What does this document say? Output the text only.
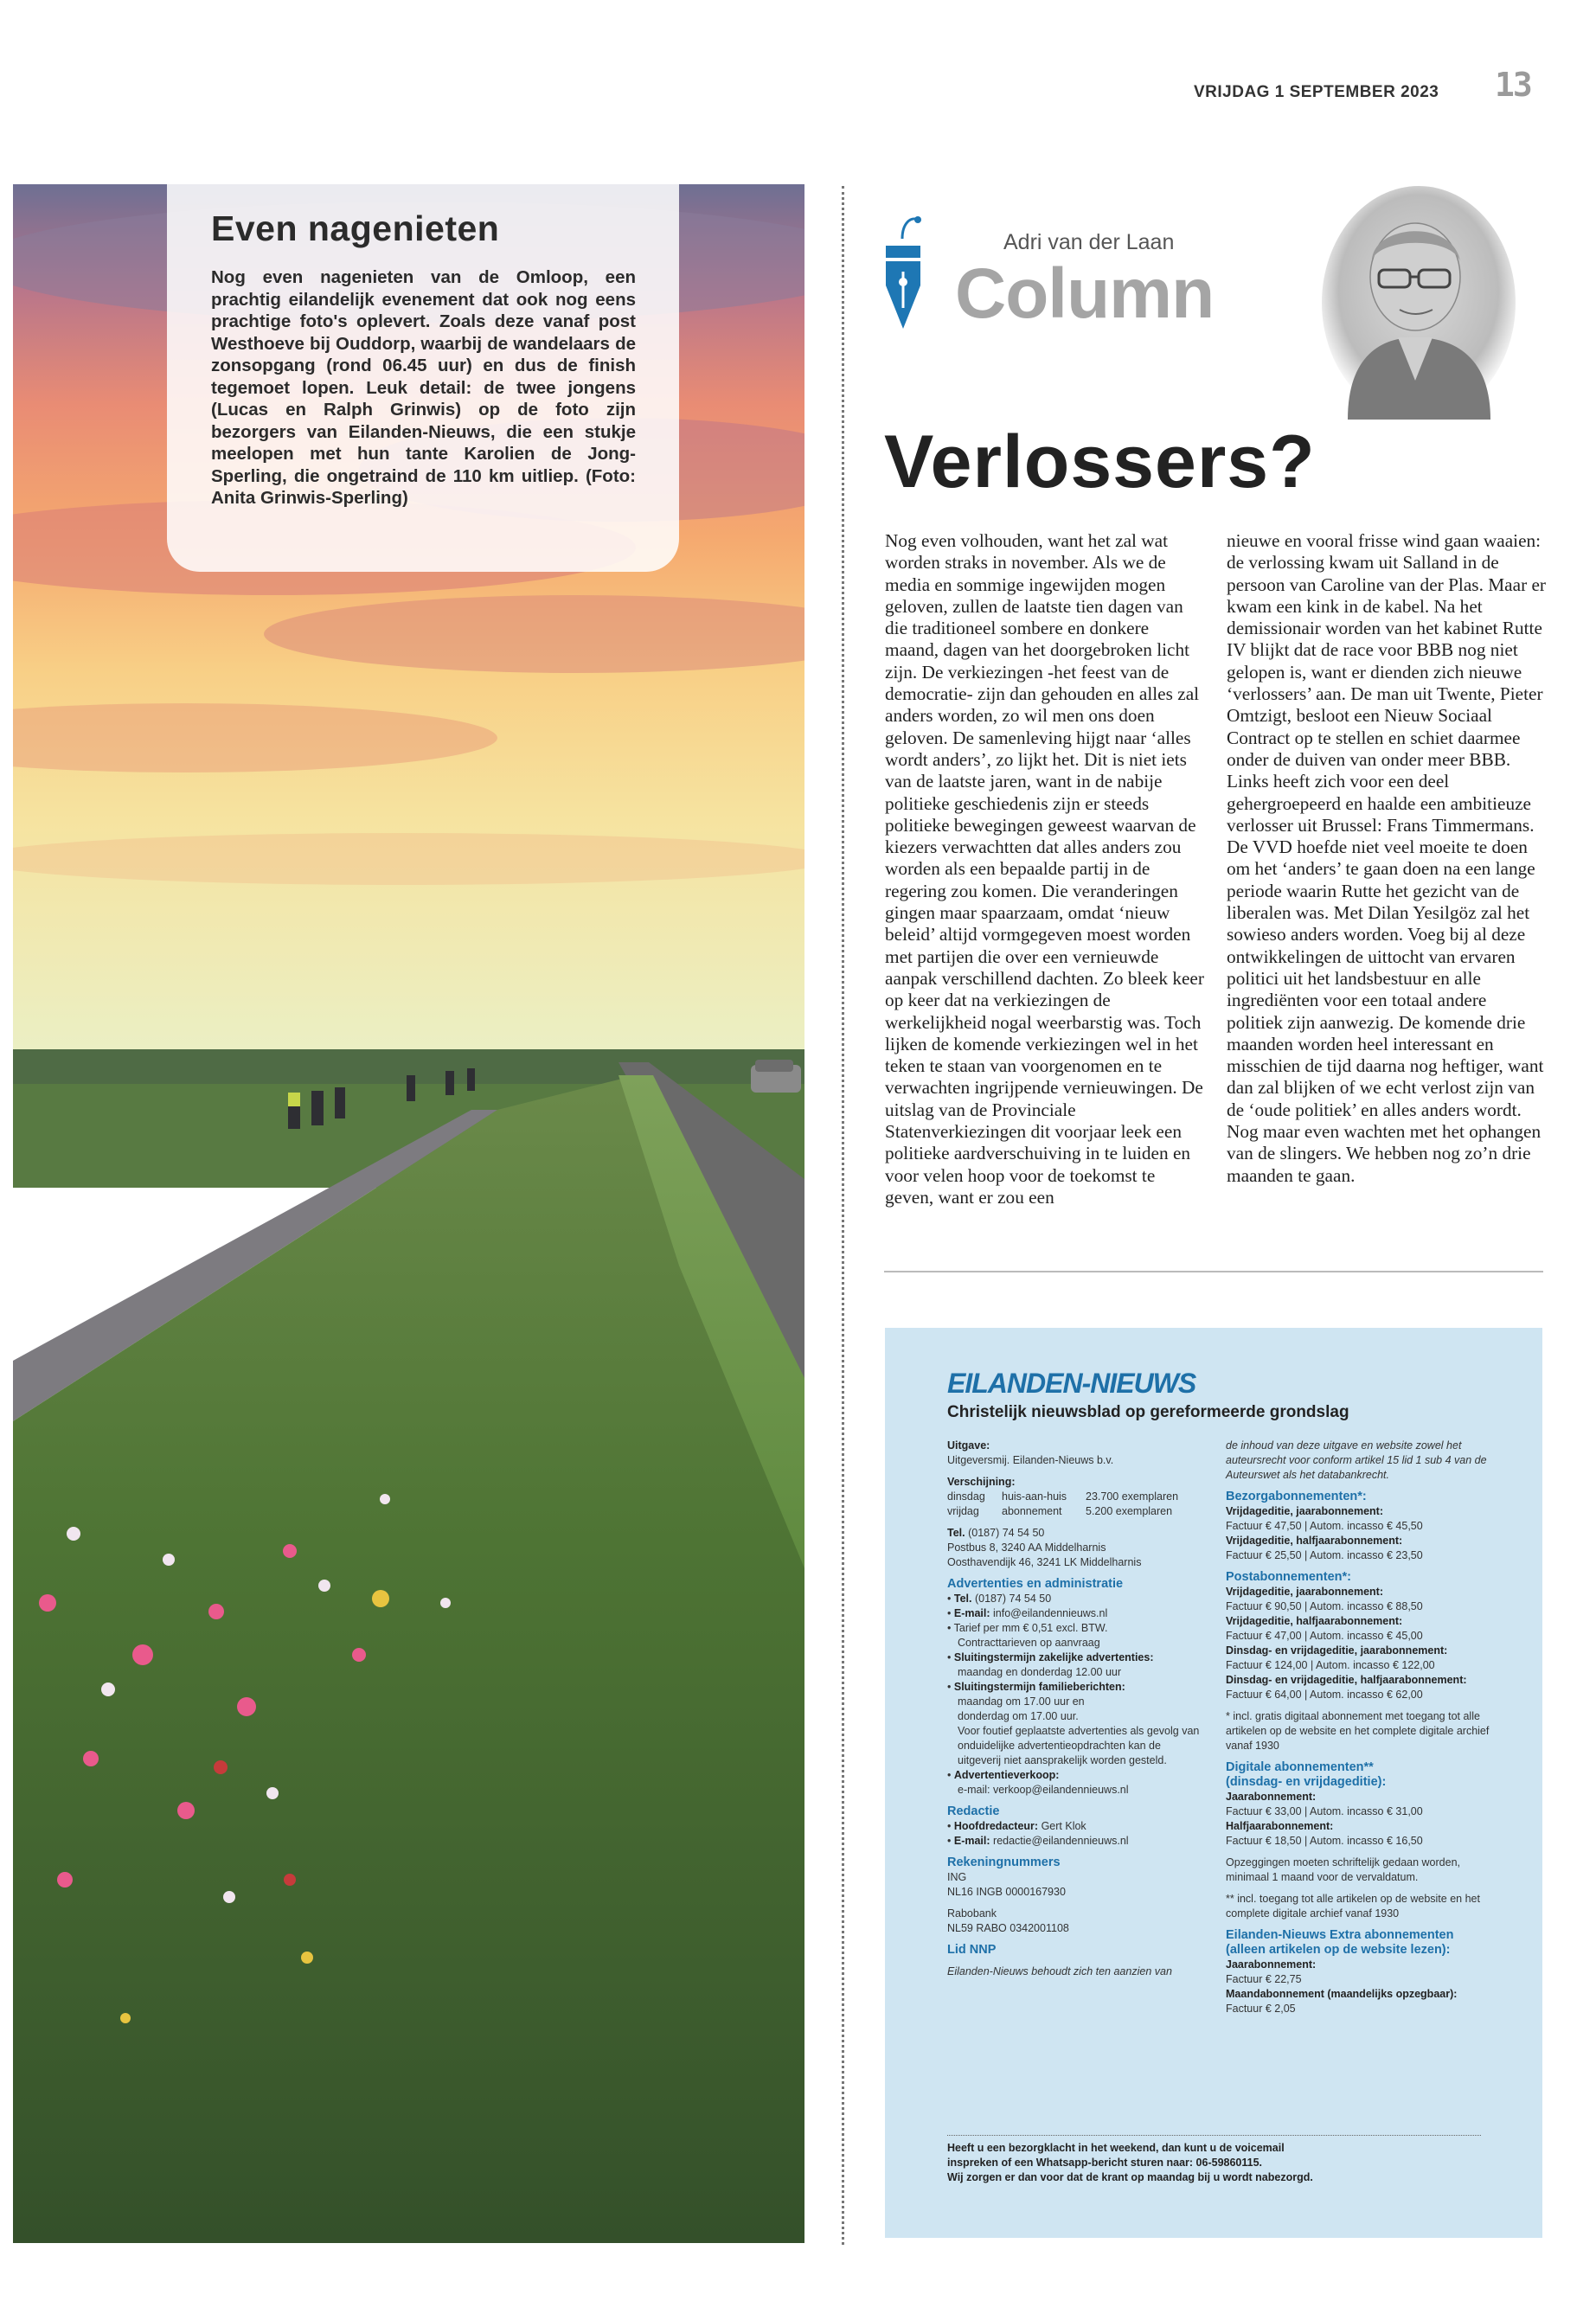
VRIJDAG 1 SEPTEMBER 2023 13
Even nagenieten
Nog even nagenieten van de Omloop, een prachtig eilandelijk evenement dat ook nog eens prachtige foto's oplevert. Zoals deze vanaf post Westhoeve bij Ouddorp, waarbij de wandelaars de zonsopgang (rond 06.45 uur) en dus de finish tegemoet lopen. Leuk detail: de twee jongens (Lucas en Ralph Grinwis) op de foto zijn bezorgers van Eilanden-Nieuws, die een stukje meelopen met hun tante Karolien de Jong-Sperling, die ongetraind de 110 km uitliep. (Foto: Anita Grinwis-Sperling)
Adri van der Laan
Column
Verlossers?

Nog even volhouden, want het zal wat worden straks in november. Als we de media en sommige ingewijden mogen geloven, zullen de laatste tien dagen van die traditioneel sombere en donkere maand, dagen van het doorgebroken licht zijn. De verkiezingen -het feest van de democratie- zijn dan gehouden en alles zal anders worden, zo wil men ons doen geloven. De samenleving hijgt naar ‘alles wordt anders’, zo lijkt het. Dit is niet iets van de laatste jaren, want in de nabije politieke geschiedenis zijn er steeds politieke bewegingen geweest waarvan de kiezers verwachtten dat alles anders zou worden als een bepaalde partij in de regering zou komen. Die veranderingen gingen maar spaarzaam, omdat ‘nieuw beleid’ altijd vormgegeven moest worden met partijen die over een vernieuwde aanpak verschillend dachten. Zo bleek keer op keer dat na verkiezingen de werkelijkheid nogal weerbarstig was. Toch lijken de komende verkiezingen wel in het teken te staan van voorgenomen en te verwachten ingrijpende vernieuwingen. De uitslag van de Provinciale Statenverkiezingen dit voorjaar leek een politieke aardverschuiving in te luiden en voor velen hoop voor de toekomst te geven, want er zou een

nieuwe en vooral frisse wind gaan waaien: de verlossing kwam uit Salland in de persoon van Caroline van der Plas. Maar er kwam een kink in de kabel. Na het demissionair worden van het kabinet Rutte IV blijkt dat de race voor BBB nog niet gelopen is, want er dienden zich nieuwe ‘verlossers’ aan. De man uit Twente, Pieter Omtzigt, besloot een Nieuw Sociaal Contract op te stellen en schiet daarmee onder de duiven van onder meer BBB. Links heeft zich voor een deel gehergroepeerd en haalde een ambitieuze verlosser uit Brussel: Frans Timmermans. De VVD hoefde niet veel moeite te doen om het ‘anders’ te gaan doen na een lange periode waarin Rutte het gezicht van de liberalen was. Met Dilan Yesilgöz zal het sowieso anders worden. Voeg bij al deze ontwikkelingen de uittocht van ervaren politici uit het landsbestuur en alle ingrediënten voor een totaal andere politiek zijn aanwezig. De komende drie maanden worden heel interessant en misschien de tijd daarna nog heftiger, want dan zal blijken of we echt verlost zijn van de ‘oude politiek’ en alles anders wordt. Nog maar even wachten met het ophangen van de slingers. We hebben nog zo’n drie maanden te gaan.

EILANDEN-NIEUWS
Christelijk nieuwsblad op gereformeerde grondslag

Uitgave:

Uitgeversmij. Eilanden-Nieuws b.v.

Verschijning:

dinsdag huis-aan-huis 23.700 exemplaren

vrijdag abonnement 5.200 exemplaren

Tel. (0187) 74 54 50

Postbus 8, 3240 AA Middelharnis

Oosthavendijk 46, 3241 LK Middelharnis

Advertenties en administratie

• Tel. (0187) 74 54 50

• E-mail: info@eilandennieuws.nl

• Tarief per mm € 0,51 excl. BTW.

Contracttarieven op aanvraag

• Sluitingstermijn zakelijke advertenties:

maandag en donderdag 12.00 uur

• Sluitingstermijn familieberichten:

maandag om 17.00 uur en

donderdag om 17.00 uur.

Voor foutief geplaatste advertenties als gevolg van onduidelijke advertentieopdrachten kan de uitgeverij niet aansprakelijk worden gesteld.

• Advertentieverkoop:

e-mail: verkoop@eilandennieuws.nl

Redactie

• Hoofdredacteur: Gert Klok

• E-mail: redactie@eilandennieuws.nl

Rekeningnummers

ING

NL16 INGB 0000167930

Rabobank

NL59 RABO 0342001108

Lid NNP

Eilanden-Nieuws behoudt zich ten aanzien van

de inhoud van deze uitgave en website zowel het auteursrecht voor conform artikel 15 lid 1 sub 4 van de Auteurswet als het databankrecht.

Bezorgabonnementen*:

Vrijdageditie, jaarabonnement:

Factuur € 47,50 | Autom. incasso € 45,50

Vrijdageditie, halfjaarabonnement:

Factuur € 25,50 | Autom. incasso € 23,50

Postabonnementen*:

Vrijdageditie, jaarabonnement:

Factuur € 90,50 | Autom. incasso € 88,50

Vrijdageditie, halfjaarabonnement:

Factuur € 47,00 | Autom. incasso € 45,00

Dinsdag- en vrijdageditie, jaarabonnement:

Factuur € 124,00 | Autom. incasso € 122,00

Dinsdag- en vrijdageditie, halfjaarabonnement:

Factuur € 64,00 | Autom. incasso € 62,00

* incl. gratis digitaal abonnement met toegang tot alle artikelen op de website en het complete digitale archief vanaf 1930

Digitale abonnementen**
(dinsdag- en vrijdageditie):

Jaarabonnement:

Factuur € 33,00 | Autom. incasso € 31,00

Halfjaarabonnement:

Factuur € 18,50 | Autom. incasso € 16,50

Opzeggingen moeten schriftelijk gedaan worden, minimaal 1 maand voor de vervaldatum.

** incl. toegang tot alle artikelen op de website en het complete digitale archief vanaf 1930

Eilanden-Nieuws Extra abonnementen
(alleen artikelen op de website lezen):

Jaarabonnement:

Factuur € 22,75

Maandabonnement (maandelijks opzegbaar):

Factuur € 2,05

Heeft u een bezorgklacht in het weekend, dan kunt u de voicemail

inspreken of een Whatsapp-bericht sturen naar: 06-59860115.

Wij zorgen er dan voor dat de krant op maandag bij u wordt nabezorgd.
